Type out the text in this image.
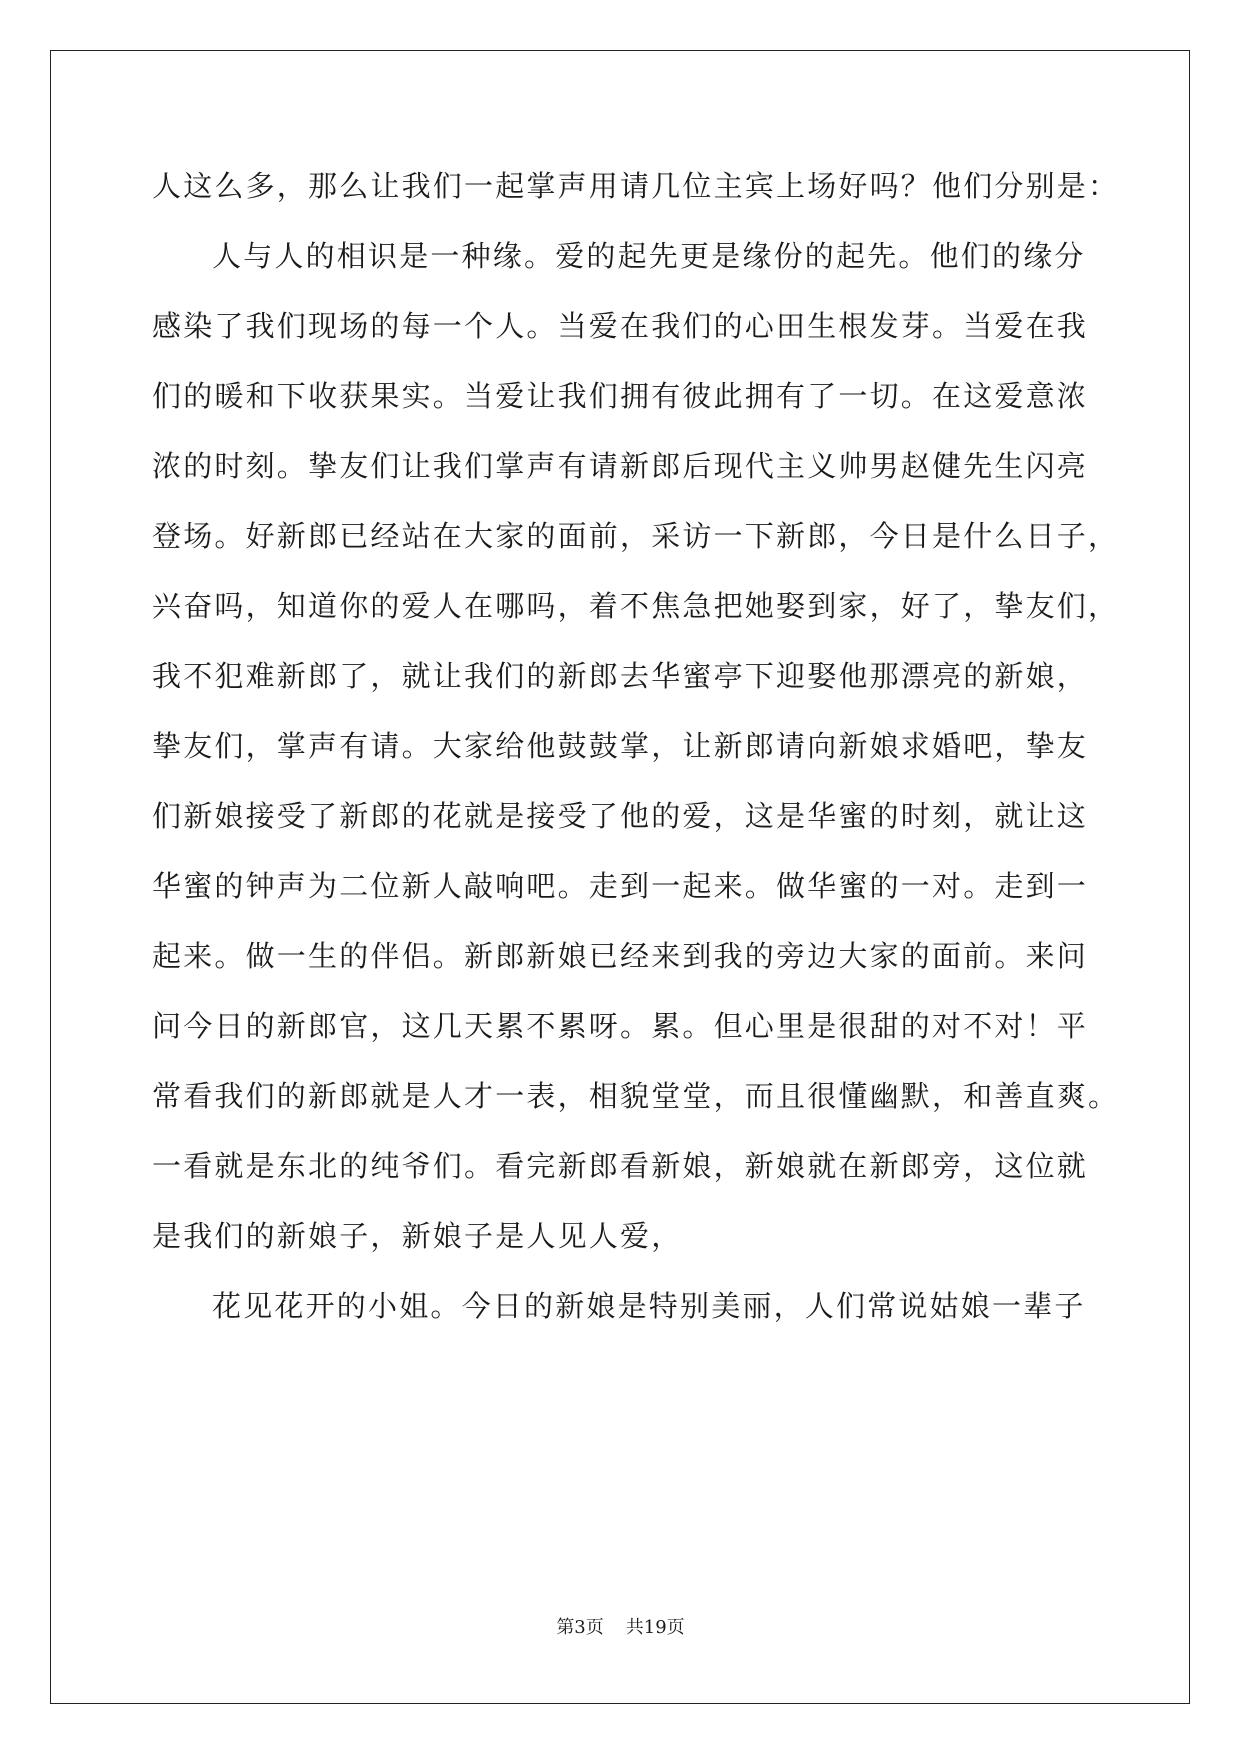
人这么多，那么让我们一起掌声用请几位主宾上场好吗？他们分别是：
人与人的相识是一种缘。爱的起先更是缘份的起先。他们的缘分
感染了我们现场的每一个人。当爱在我们的心田生根发芽。当爱在我
们的暖和下收获果实。当爱让我们拥有彼此拥有了一切。在这爱意浓
浓的时刻。挚友们让我们掌声有请新郎后现代主义帅男赵健先生闪亮
登场。好新郎已经站在大家的面前，采访一下新郎，今日是什么日子，
兴奋吗，知道你的爱人在哪吗，着不焦急把她娶到家，好了，挚友们，
我不犯难新郎了，就让我们的新郎去华蜜亭下迎娶他那漂亮的新娘，
挚友们，掌声有请。大家给他鼓鼓掌，让新郎请向新娘求婚吧，挚友
们新娘接受了新郎的花就是接受了他的爱，这是华蜜的时刻，就让这
华蜜的钟声为二位新人敲响吧。走到一起来。做华蜜的一对。走到一
起来。做一生的伴侣。新郎新娘已经来到我的旁边大家的面前。来问
问今日的新郎官，这几天累不累呀。累。但心里是很甜的对不对！平
常看我们的新郎就是人才一表，相貌堂堂，而且很懂幽默，和善直爽。
一看就是东北的纯爷们。看完新郎看新娘，新娘就在新郎旁，这位就
是我们的新娘子，新娘子是人见人爱，
花见花开的小姐。今日的新娘是特别美丽，人们常说姑娘一辈子
第3页 共19页
